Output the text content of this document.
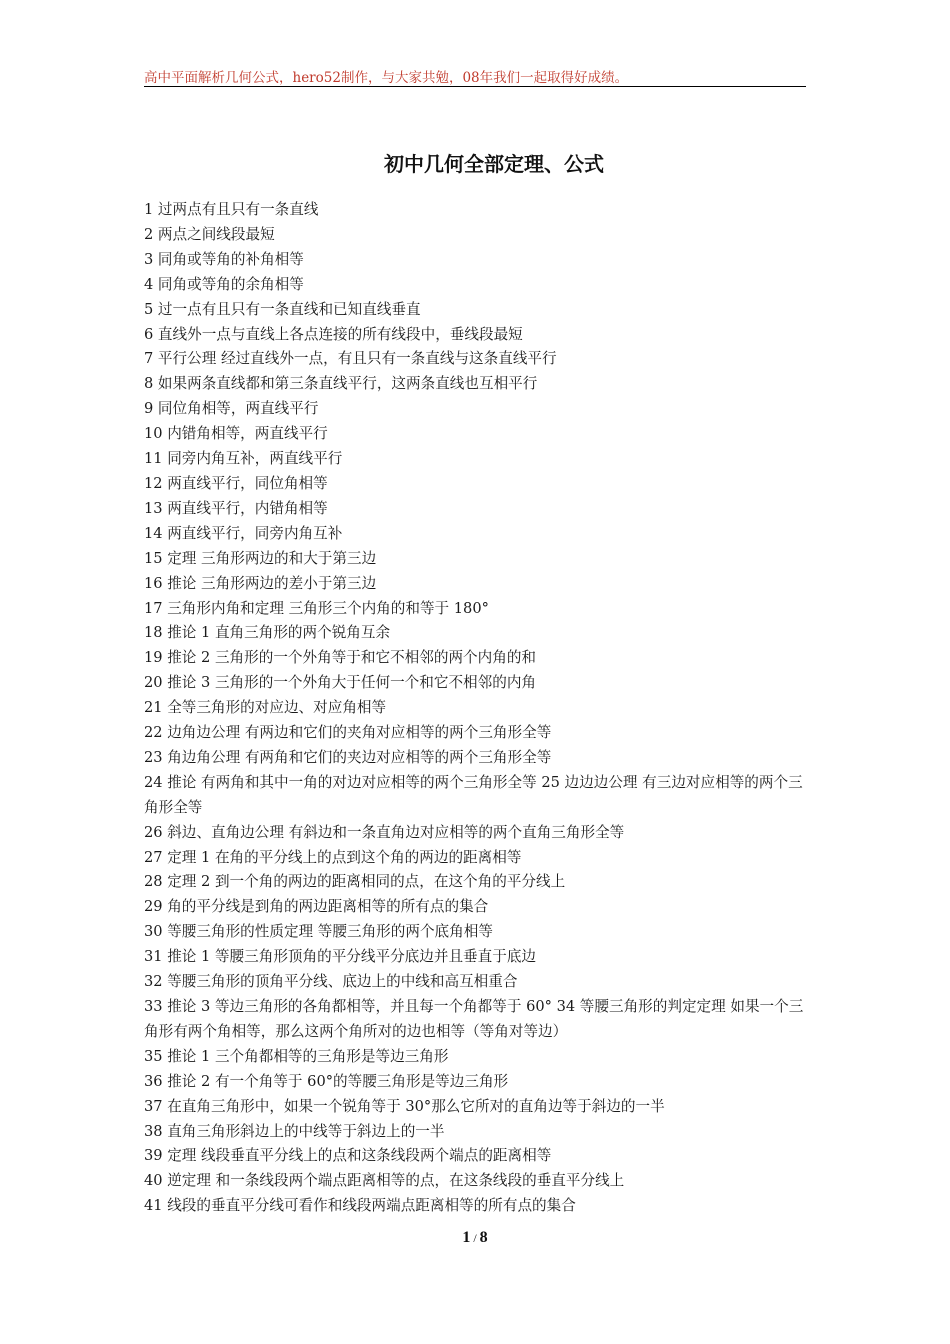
高中平面解析几何公式，hero52制作，与大家共勉，08年我们一起取得好成绩。
初中几何全部定理、公式
1 过两点有且只有一条直线
2 两点之间线段最短
3 同角或等角的补角相等
4 同角或等角的余角相等
5 过一点有且只有一条直线和已知直线垂直
6 直线外一点与直线上各点连接的所有线段中，垂线段最短
7 平行公理 经过直线外一点，有且只有一条直线与这条直线平行
8 如果两条直线都和第三条直线平行，这两条直线也互相平行
9 同位角相等，两直线平行
10 内错角相等，两直线平行
11 同旁内角互补，两直线平行
12 两直线平行，同位角相等
13 两直线平行，内错角相等
14 两直线平行，同旁内角互补
15 定理 三角形两边的和大于第三边
16 推论 三角形两边的差小于第三边
17 三角形内角和定理 三角形三个内角的和等于 180°
18 推论 1 直角三角形的两个锐角互余
19 推论 2 三角形的一个外角等于和它不相邻的两个内角的和
20 推论 3 三角形的一个外角大于任何一个和它不相邻的内角
21 全等三角形的对应边、对应角相等
22 边角边公理 有两边和它们的夹角对应相等的两个三角形全等
23 角边角公理 有两角和它们的夹边对应相等的两个三角形全等
24 推论 有两角和其中一角的对边对应相等的两个三角形全等 25 边边边公理 有三边对应相等的两个三角形全等
26 斜边、直角边公理 有斜边和一条直角边对应相等的两个直角三角形全等
27 定理 1 在角的平分线上的点到这个角的两边的距离相等
28 定理 2 到一个角的两边的距离相同的点，在这个角的平分线上
29 角的平分线是到角的两边距离相等的所有点的集合
30 等腰三角形的性质定理 等腰三角形的两个底角相等
31 推论 1 等腰三角形顶角的平分线平分底边并且垂直于底边
32 等腰三角形的顶角平分线、底边上的中线和高互相重合
33 推论 3 等边三角形的各角都相等，并且每一个角都等于 60° 34 等腰三角形的判定定理 如果一个三角形有两个角相等，那么这两个角所对的边也相等（等角对等边）
35 推论 1 三个角都相等的三角形是等边三角形
36 推论 2 有一个角等于 60°的等腰三角形是等边三角形
37 在直角三角形中，如果一个锐角等于 30°那么它所对的直角边等于斜边的一半
38 直角三角形斜边上的中线等于斜边上的一半
39 定理 线段垂直平分线上的点和这条线段两个端点的距离相等
40 逆定理 和一条线段两个端点距离相等的点，在这条线段的垂直平分线上
41 线段的垂直平分线可看作和线段两端点距离相等的所有点的集合
1 / 8
